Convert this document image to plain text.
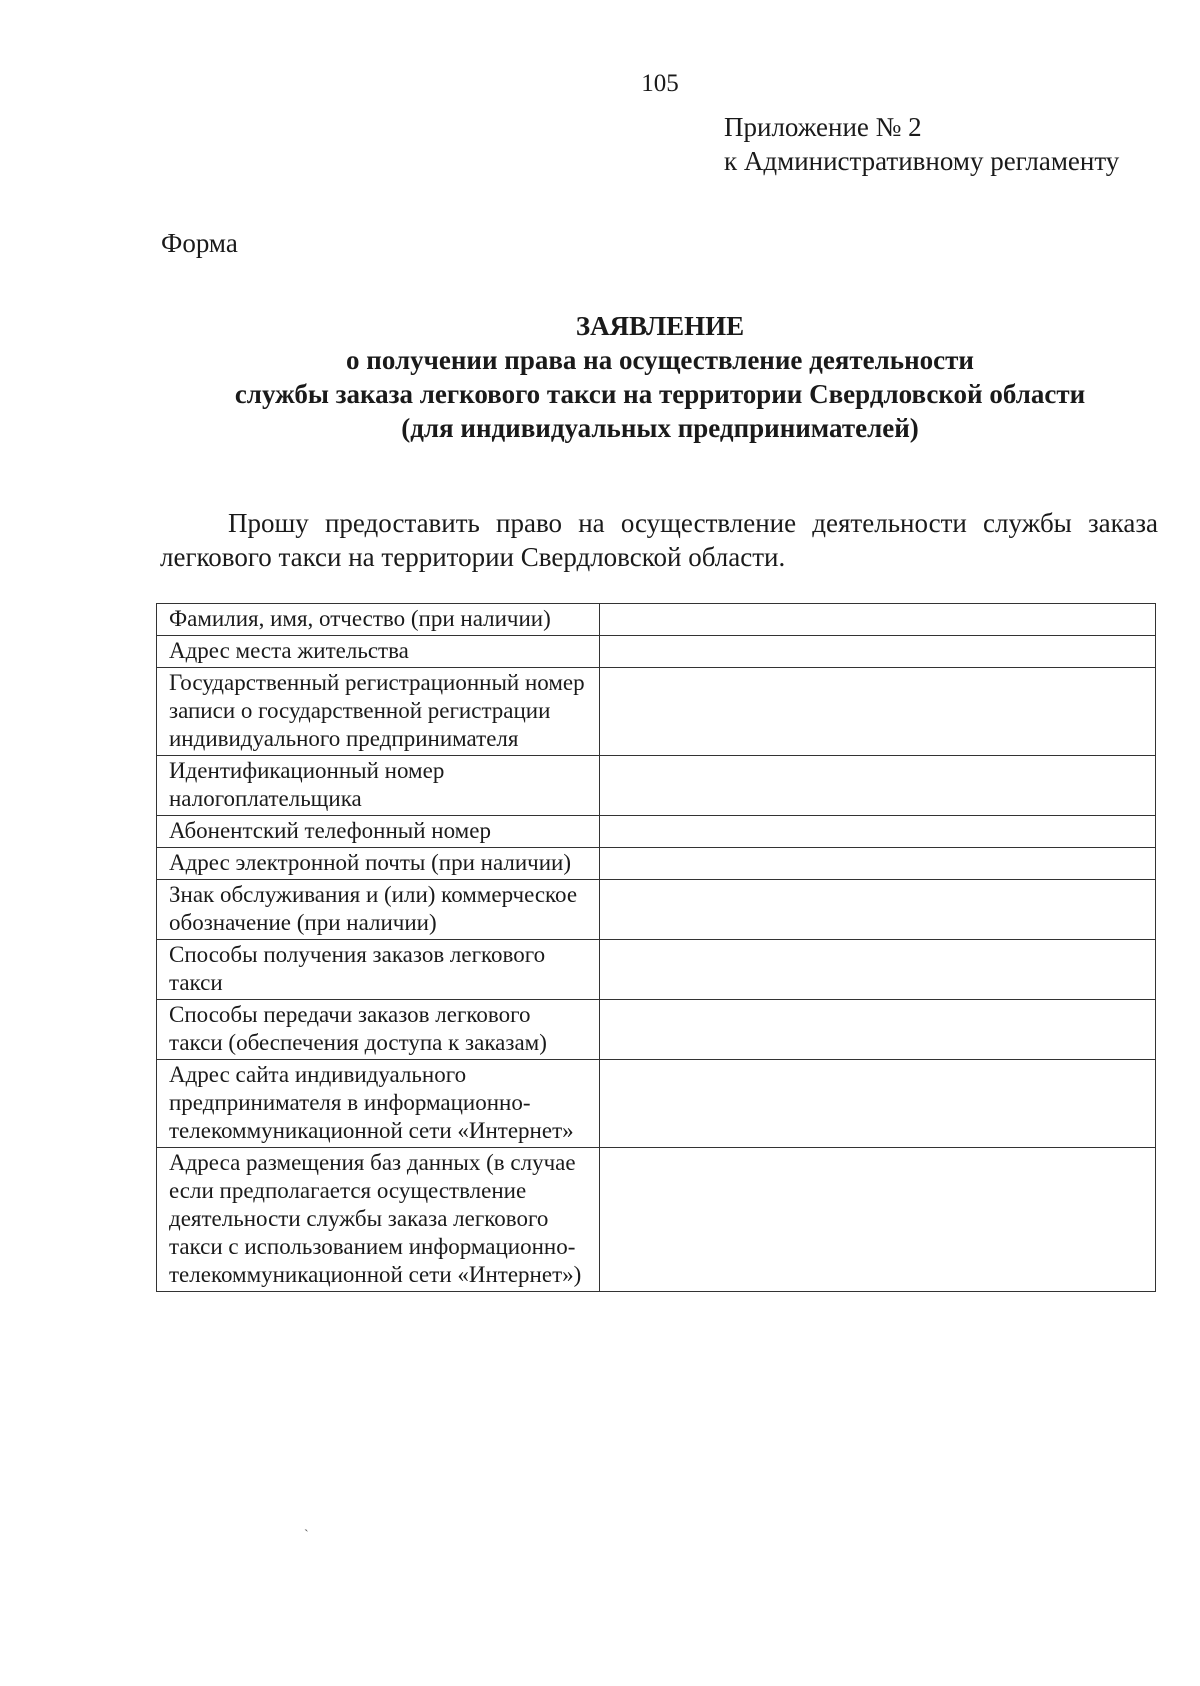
105
Приложение № 2
к Административному регламенту
Форма
ЗАЯВЛЕНИЕ
о получении права на осуществление деятельности
службы заказа легкового такси на территории Свердловской области
(для индивидуальных предпринимателей)
Прошу предоставить право на осуществление деятельности службы заказа легкового такси на территории Свердловской области.
Фамилия, имя, отчество (при наличии)	
Адрес места жительства	
Государственный регистрационный номер записи о государственной регистрации индивидуального предпринимателя	
Идентификационный номер налогоплательщика	
Абонентский телефонный номер	
Адрес электронной почты (при наличии)	
Знак обслуживания и (или) коммерческое обозначение (при наличии)	
Способы получения заказов легкового такси	
Способы передачи заказов легкового такси (обеспечения доступа к заказам)	
Адрес сайта индивидуального предпринимателя в информационно-телекоммуникационной сети «Интернет»	
Адреса размещения баз данных (в случае если предполагается осуществление деятельности службы заказа легкового такси с использованием информационно-телекоммуникационной сети «Интернет»)	
`
